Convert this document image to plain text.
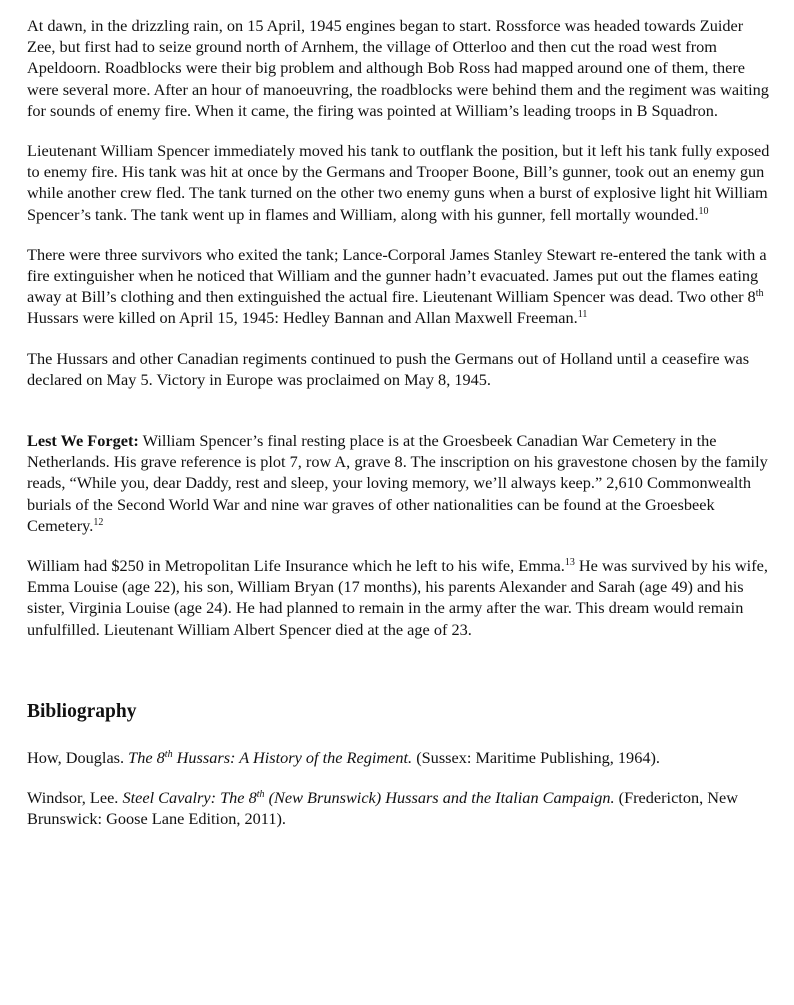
At dawn, in the drizzling rain, on 15 April, 1945 engines began to start. Rossforce was headed towards Zuider Zee, but first had to seize ground north of Arnhem, the village of Otterloo and then cut the road west from Apeldoorn. Roadblocks were their big problem and although Bob Ross had mapped around one of them, there were several more. After an hour of manoeuvring, the roadblocks were behind them and the regiment was waiting for sounds of enemy fire. When it came, the firing was pointed at William’s leading troops in B Squadron.

Lieutenant William Spencer immediately moved his tank to outflank the position, but it left his tank fully exposed to enemy fire. His tank was hit at once by the Germans and Trooper Boone, Bill’s gunner, took out an enemy gun while another crew fled. The tank turned on the other two enemy guns when a burst of explosive light hit William Spencer’s tank. The tank went up in flames and William, along with his gunner, fell mortally wounded.$^{10}$

There were three survivors who exited the tank; Lance-Corporal James Stanley Stewart re-entered the tank with a fire extinguisher when he noticed that William and the gunner hadn’t evacuated. James put out the flames eating away at Bill’s clothing and then extinguished the actual fire. Lieutenant William Spencer was dead. Two other 8th Hussars were killed on April 15, 1945: Hedley Bannan and Allan Maxwell Freeman.$^{11}$

The Hussars and other Canadian regiments continued to push the Germans out of Holland until a ceasefire was declared on May 5. Victory in Europe was proclaimed on May 8, 1945.

Lest We Forget: William Spencer’s final resting place is at the Groesbeek Canadian War Cemetery in the Netherlands. His grave reference is plot 7, row A, grave 8. The inscription on his gravestone chosen by the family reads, “While you, dear Daddy, rest and sleep, your loving memory, we’ll always keep.” 2,610 Commonwealth burials of the Second World War and nine war graves of other nationalities can be found at the Groesbeek Cemetery.$^{12}$

William had $250 in Metropolitan Life Insurance which he left to his wife, Emma.$^{13}$ He was survived by his wife, Emma Louise (age 22), his son, William Bryan (17 months), his parents Alexander and Sarah (age 49) and his sister, Virginia Louise (age 24). He had planned to remain in the army after the war. This dream would remain unfulfilled. Lieutenant William Albert Spencer died at the age of 23.

Bibliography

How, Douglas. The 8th Hussars: A History of the Regiment. (Sussex: Maritime Publishing, 1964).

Windsor, Lee. Steel Cavalry: The 8th (New Brunswick) Hussars and the Italian Campaign. (Fredericton, New Brunswick: Goose Lane Edition, 2011).
